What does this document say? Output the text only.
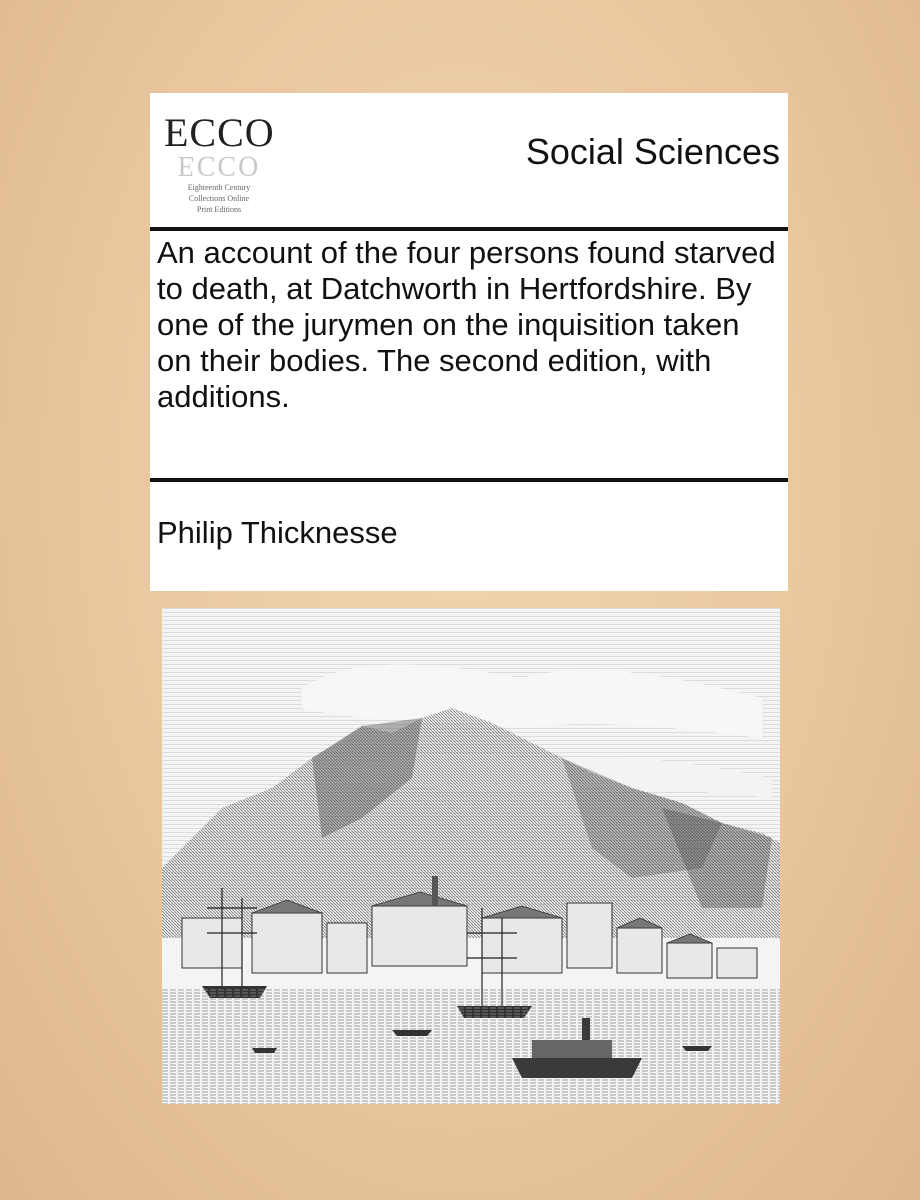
ECCO
ECCO
Eighteenth Century
Collections Online
Print Editions
Social Sciences
An account of the four persons found starved to death, at Datchworth in Hertfordshire. By one of the jurymen on the inquisition taken on their bodies. The second edition, with additions.
Philip Thicknesse
